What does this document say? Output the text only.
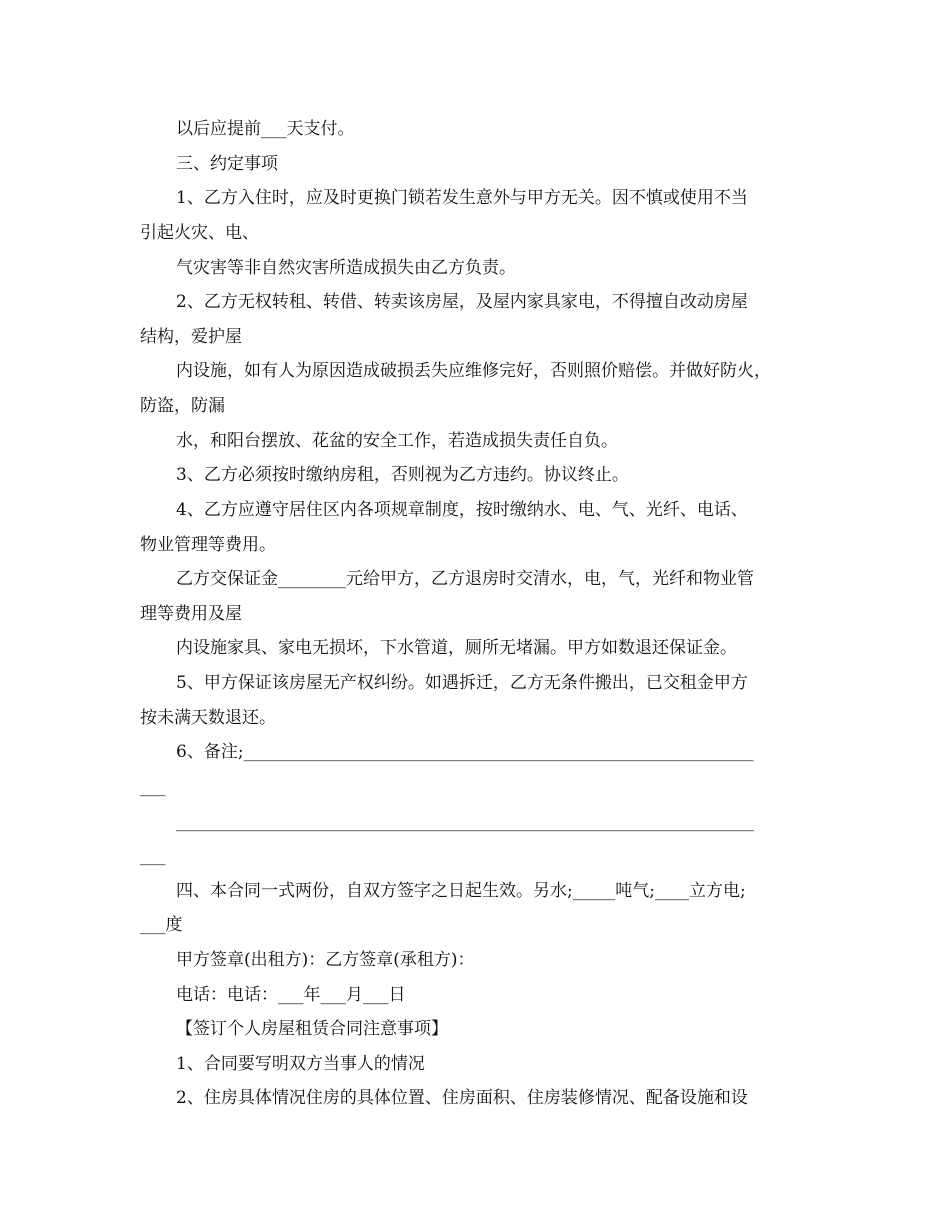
以后应提前___天支付。
三、约定事项
1、乙方入住时，应及时更换门锁若发生意外与甲方无关。因不慎或使用不当
引起火灾、电、
气灾害等非自然灾害所造成损失由乙方负责。
2、乙方无权转租、转借、转卖该房屋，及屋内家具家电，不得擅自改动房屋
结构，爱护屋
内设施，如有人为原因造成破损丢失应维修完好，否则照价赔偿。并做好防火，
防盗，防漏
水，和阳台摆放、花盆的安全工作，若造成损失责任自负。
3、乙方必须按时缴纳房租，否则视为乙方违约。协议终止。
4、乙方应遵守居住区内各项规章制度，按时缴纳水、电、气、光纤、电话、
物业管理等费用。
乙方交保证金________元给甲方，乙方退房时交清水，电，气，光纤和物业管
理等费用及屋
内设施家具、家电无损坏，下水管道，厕所无堵漏。甲方如数退还保证金。
5、甲方保证该房屋无产权纠纷。如遇拆迁，乙方无条件搬出，已交租金甲方
按未满天数退还。
6、备注;____________________________________________________________
___
____________________________________________________________________
___
四、本合同一式两份，自双方签字之日起生效。另水;_____吨气;____立方电;
___度
甲方签章(出租方)：乙方签章(承租方)：
电话：电话：___年___月___日
【签订个人房屋租赁合同注意事项】
1、合同要写明双方当事人的情况
2、住房具体情况住房的具体位置、住房面积、住房装修情况、配备设施和设
